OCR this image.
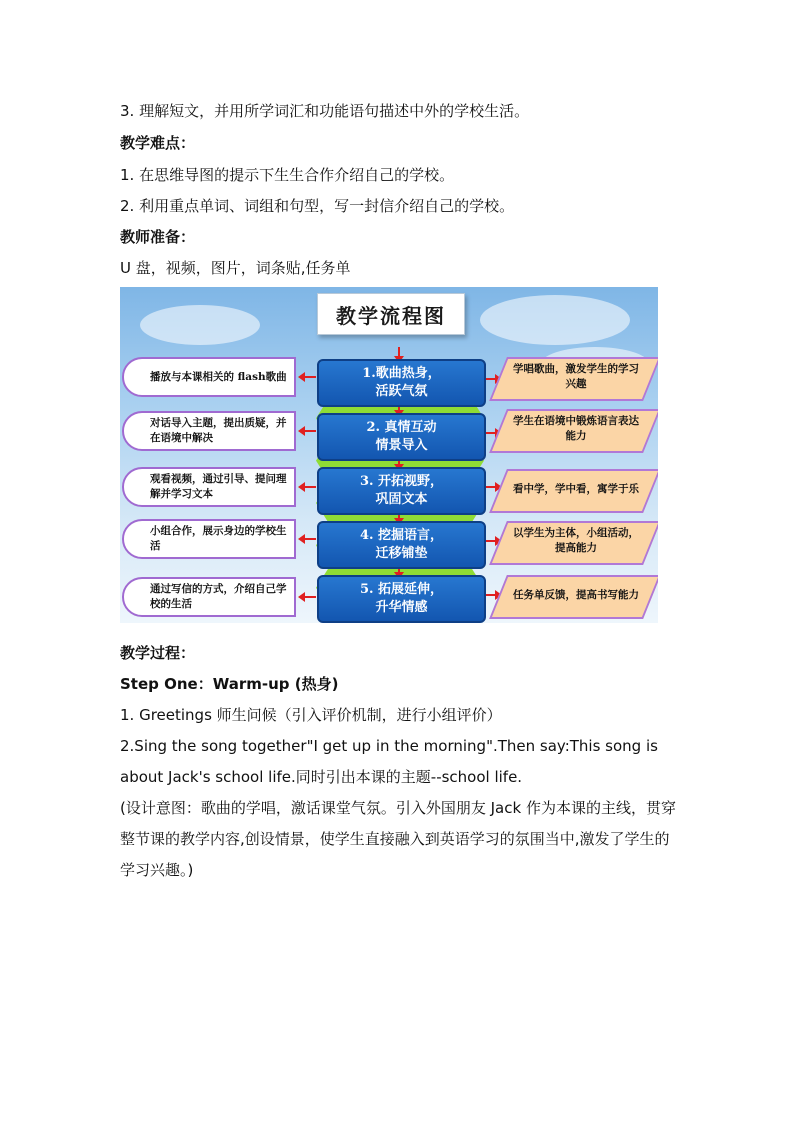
3. 理解短文，并用所学词汇和功能语句描述中外的学校生活。
教学难点：
1. 在思维导图的提示下生生合作介绍自己的学校。
2. 利用重点单词、词组和句型，写一封信介绍自己的学校。
教师准备：
U 盘，视频，图片，词条贴,任务单
教学流程图
播放与本课相关的 flash歌曲	1.歌曲热身，
活跃气氛
学唱歌曲，激发学生的学习兴趣
对话导入主题，提出质疑，并在语境中解决
2. 真情互动
情景导入
学生在语境中锻炼语言表达能力
观看视频，通过引导、提问理解并学习文本
3. 开拓视野，
巩固文本
看中学，学中看，寓学于乐
小组合作，展示身边的学校生活
4. 挖掘语言，
迁移铺垫
以学生为主体，小组活动，提高能力
通过写信的方式，介绍自己学校的生活
5. 拓展延伸，
升华情感
任务单反馈，提高书写能力
教学过程：
Step One：Warm-up (热身)
1. Greetings 师生问候（引入评价机制，进行小组评价）
2.Sing the song together"I get up in the morning".Then say:This song is about Jack's school life.同时引出本课的主题--school life.
(设计意图：歌曲的学唱，激话课堂气氛。引入外国朋友 Jack 作为本课的主线，贯穿整节课的教学内容,创设情景，使学生直接融入到英语学习的氛围当中,激发了学生的学习兴趣。)
